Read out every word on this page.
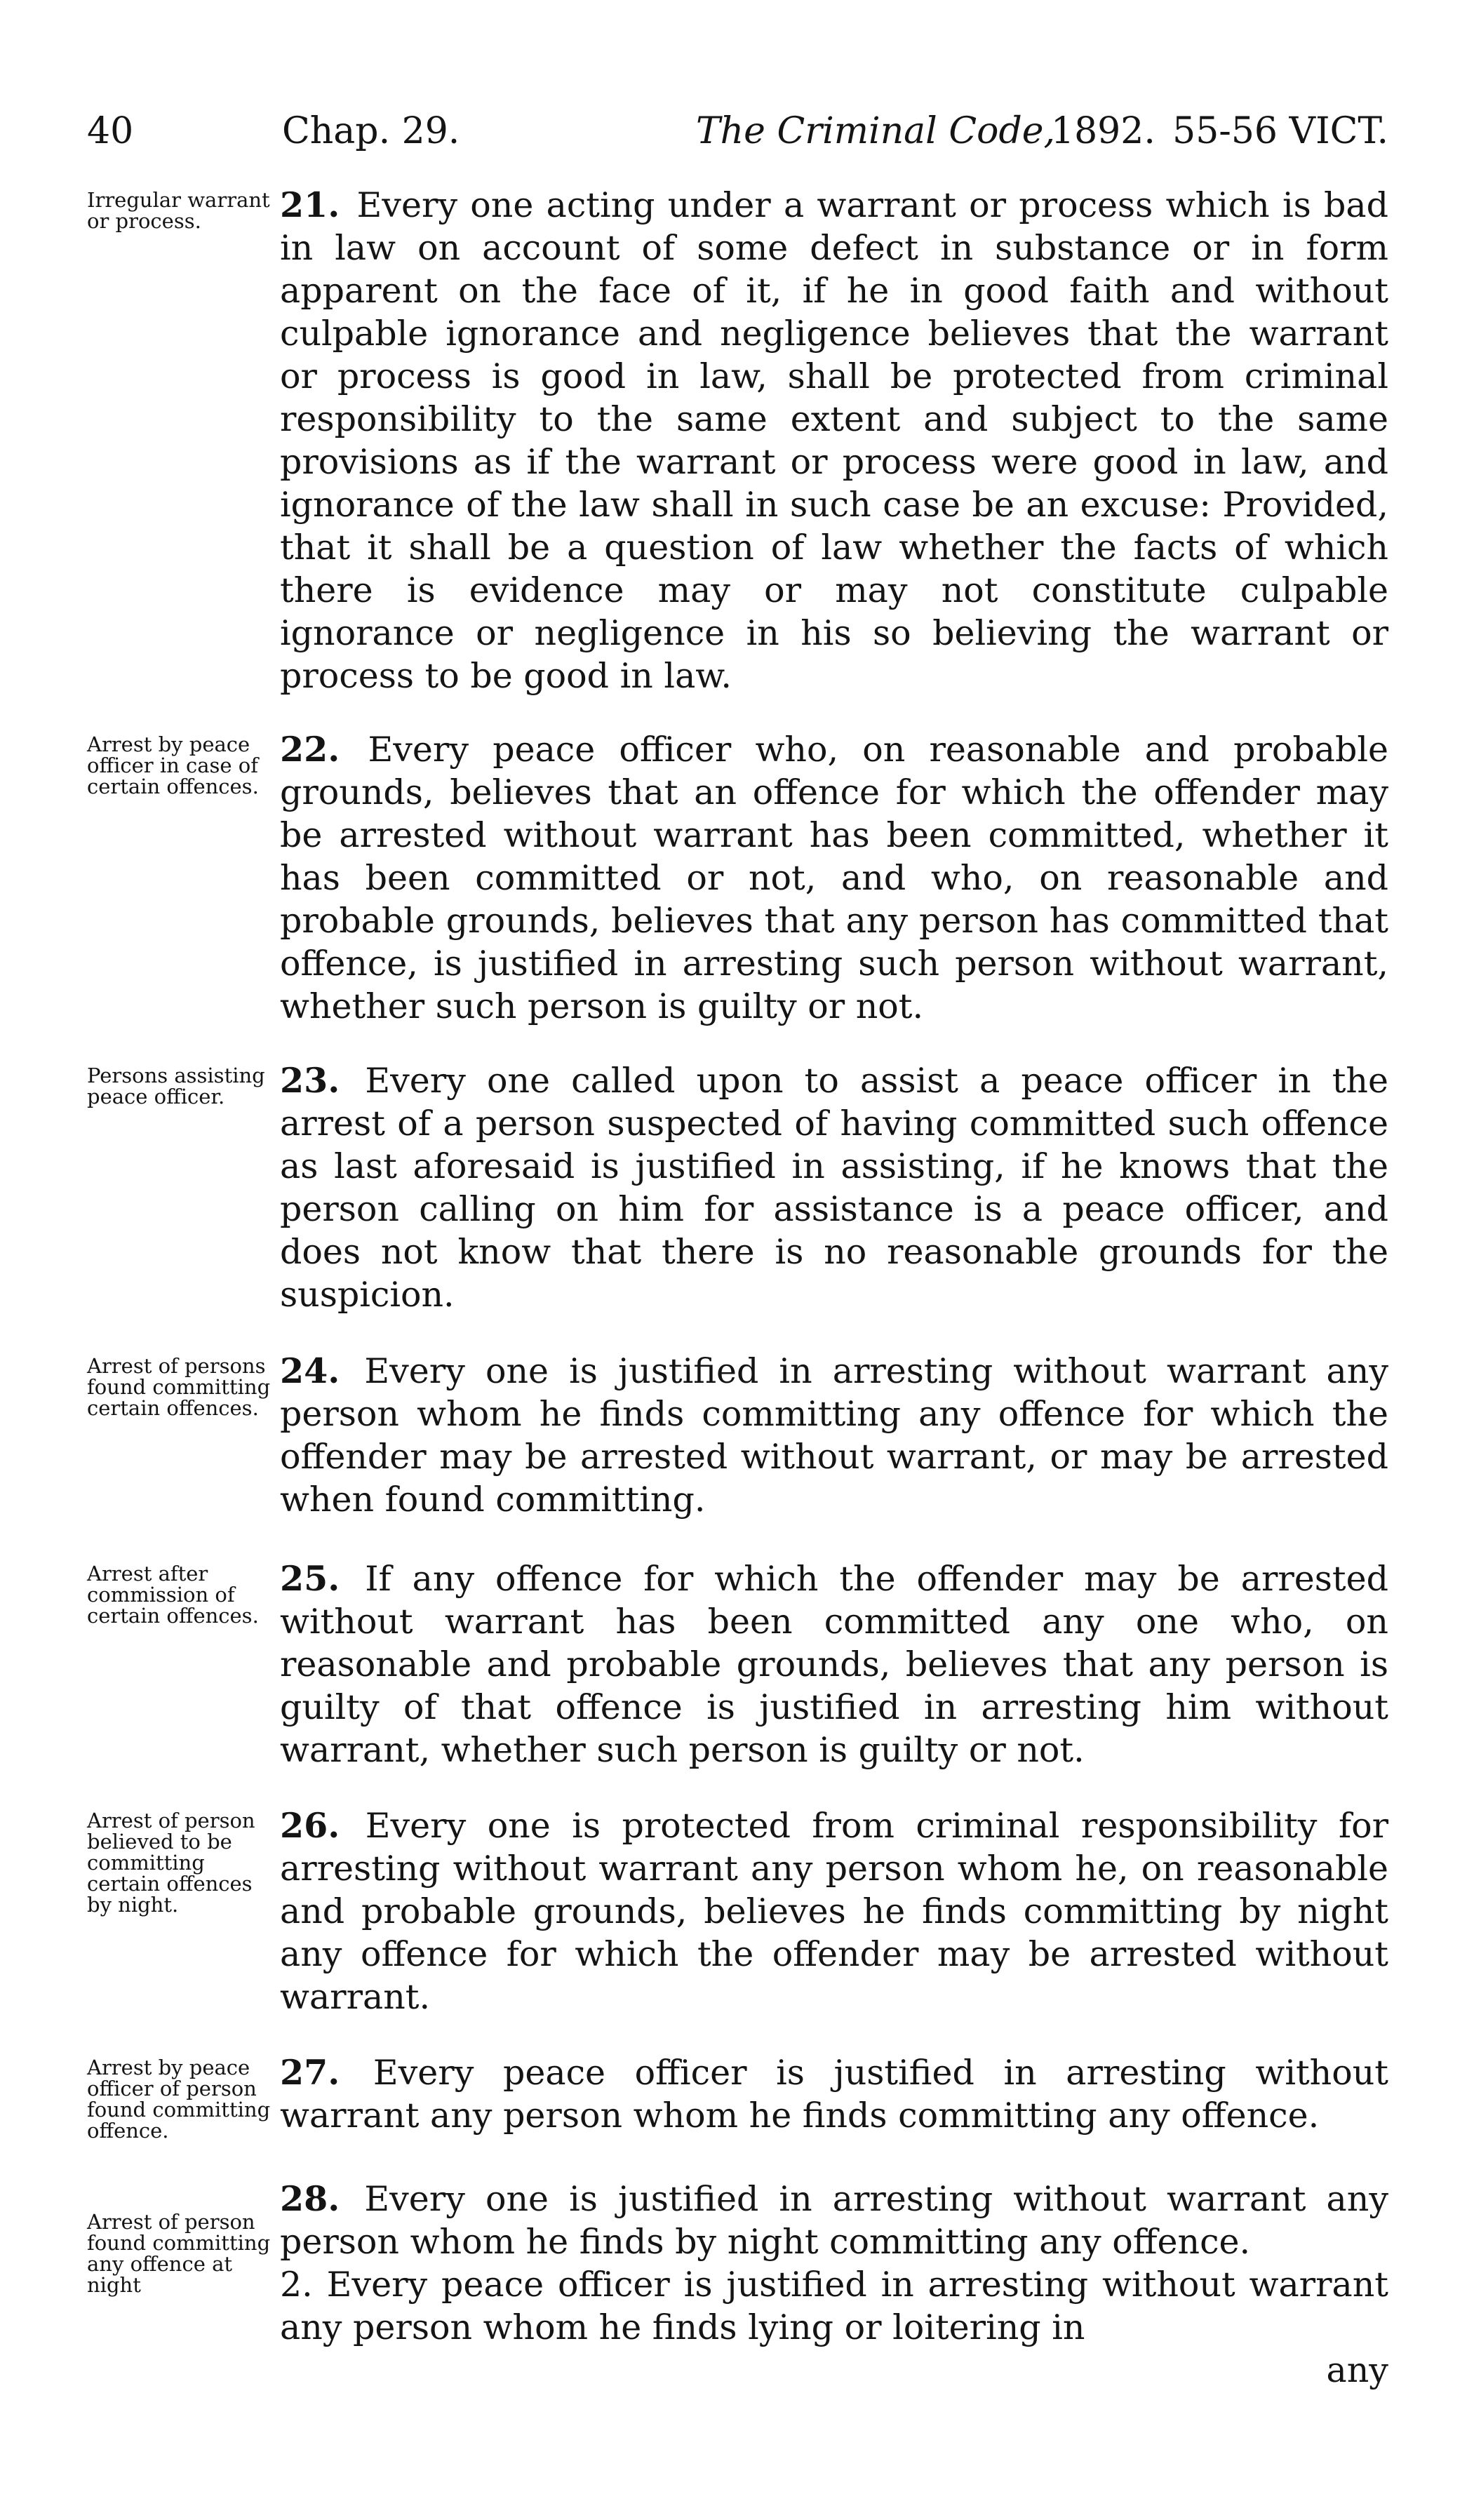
40	Chap. 29.	The Criminal Code,
1892. 55-56 VICT.
Irregular warrant or process.	21. Every one acting under a warrant or process which is bad in law on account of some defect in substance or in form apparent on the face of it, if he in good faith and without culpable ignorance and negligence believes that the warrant or process is good in law, shall be protected from criminal responsibility to the same extent and subject to the same provisions as if the warrant or process were good in law, and ignorance of the law shall in such case be an excuse: Provided, that it shall be a question of law whether the facts of which there is evidence may or may not constitute culpable ignorance or negligence in his so believing the warrant or process to be good in law.
Arrest by peace officer in case of certain offences.
22. Every peace officer who, on reasonable and probable grounds, believes that an offence for which the offender may be arrested without warrant has been committed, whether it has been committed or not, and who, on reasonable and probable grounds, believes that any person has committed that offence, is justified in arresting such person without warrant, whether such person is guilty or not.
Persons assisting peace officer.	23. Every one called upon to assist a peace officer in the arrest of a person suspected of having committed such offence as last aforesaid is justified in assisting, if he knows that the person calling on him for assistance is a peace officer, and does not know that there is no reasonable grounds for the suspicion.
Arrest of persons found committing certain offences.
24. Every one is justified in arresting without warrant any person whom he finds committing any offence for which the offender may be arrested without warrant, or may be arrested when found committing.
Arrest after commission of certain offences.
25. If any offence for which the offender may be arrested without warrant has been committed any one who, on reasonable and probable grounds, believes that any person is guilty of that offence is justified in arresting him without warrant, whether such person is guilty or not.
Arrest of person believed to be committing certain offences by night.
26. Every one is protected from criminal responsibility for arresting without warrant any person whom he, on reasonable and probable grounds, believes he finds committing by night any offence for which the offender may be arrested without warrant.
Arrest by peace officer of person found committing offence.
27. Every peace officer is justified in arresting without warrant any person whom he finds committing any offence.
Arrest of person found committing any offence at night
28. Every one is justified in arresting without warrant any person whom he finds by night committing any offence.
2. Every peace officer is justified in arresting without warrant any person whom he finds lying or loitering in
any
